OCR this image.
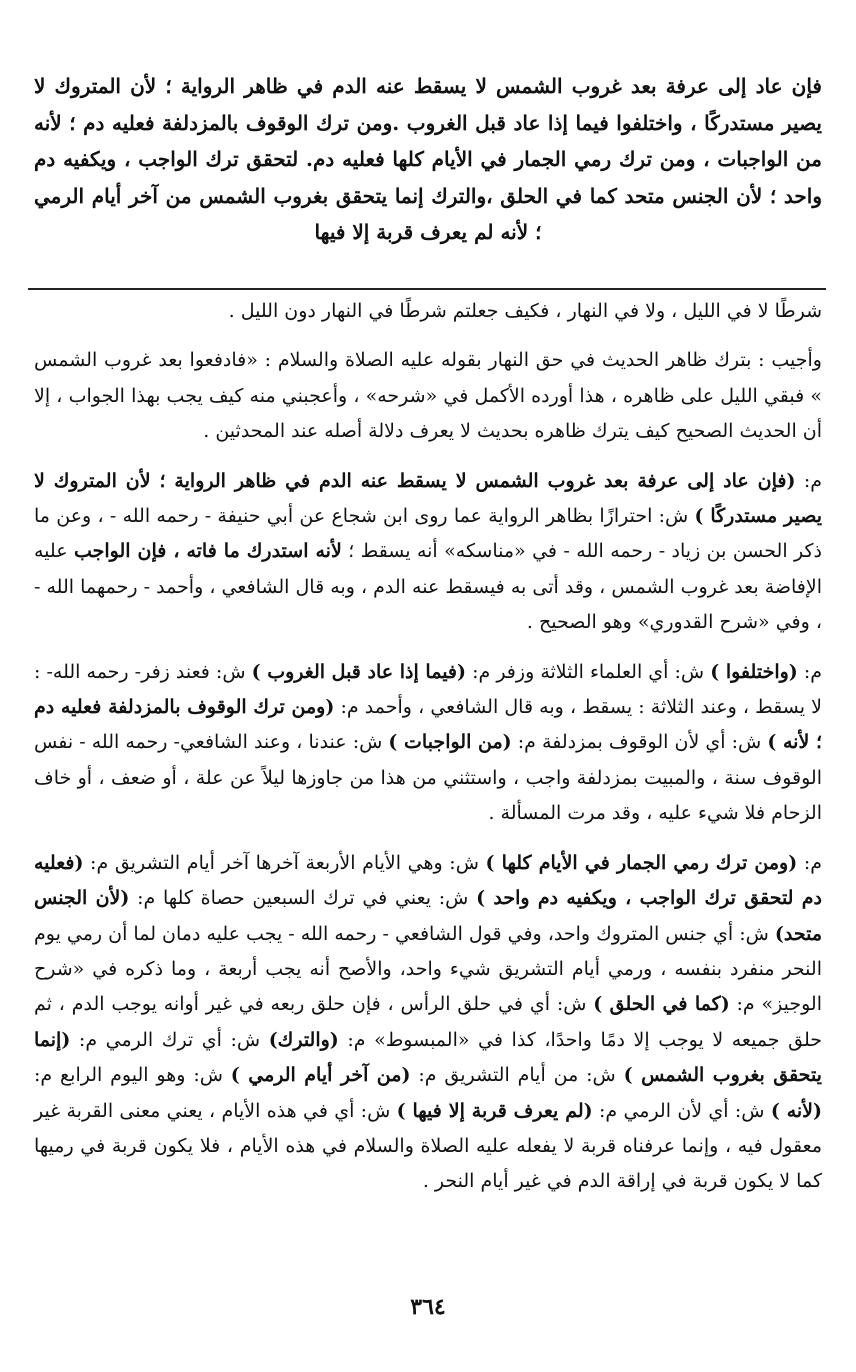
فإن عاد إلى عرفة بعد غروب الشمس لا يسقط عنه الدم في ظاهر الرواية ؛ لأن المتروك لا يصير مستدركًا ، واختلفوا فيما إذا عاد قبل الغروب .ومن ترك الوقوف بالمزدلفة فعليه دم ؛ لأنه من الواجبات ، ومن ترك رمي الجمار في الأيام كلها فعليه دم. لتحقق ترك الواجب ، ويكفيه دم واحد ؛ لأن الجنس متحد كما في الحلق ،والترك إنما يتحقق بغروب الشمس من آخر أيام الرمي ؛ لأنه لم يعرف قربة إلا فيها

شرطًا لا في الليل ، ولا في النهار ، فكيف جعلتم شرطًا في النهار دون الليل .

وأجيب : بترك ظاهر الحديث في حق النهار بقوله عليه الصلاة والسلام : «فادفعوا بعد غروب الشمس » فبقي الليل على ظاهره ، هذا أورده الأكمل في «شرحه» ، وأعجبني منه كيف يجب بهذا الجواب ، إلا أن الحديث الصحيح كيف يترك ظاهره بحديث لا يعرف دلالة أصله عند المحدثين .

م: (فإن عاد إلى عرفة بعد غروب الشمس لا يسقط عنه الدم في ظاهر الرواية ؛ لأن المتروك لا يصير مستدركًا ) ش: احترازًا بظاهر الرواية عما روى ابن شجاع عن أبي حنيفة - رحمه الله - ، وعن ما ذكر الحسن بن زياد - رحمه الله - في «مناسكه» أنه يسقط ؛ لأنه استدرك ما فاته ، فإن الواجب عليه الإفاضة بعد غروب الشمس ، وقد أتى به فيسقط عنه الدم ، وبه قال الشافعي ، وأحمد - رحمهما الله - ، وفي «شرح القدوري» وهو الصحيح .

م: (واختلفوا ) ش: أي العلماء الثلاثة وزفر م: (فيما إذا عاد قبل الغروب ) ش: فعند زفر- رحمه الله- : لا يسقط ، وعند الثلاثة : يسقط ، وبه قال الشافعي ، وأحمد م: (ومن ترك الوقوف بالمزدلفة فعليه دم ؛ لأنه ) ش: أي لأن الوقوف بمزدلفة م: (من الواجبات ) ش: عندنا ، وعند الشافعي- رحمه الله - نفس الوقوف سنة ، والمبيت بمزدلفة واجب ، واستثني من هذا من جاوزها ليلاً عن علة ، أو ضعف ، أو خاف الزحام فلا شيء عليه ، وقد مرت المسألة .

م: (ومن ترك رمي الجمار في الأيام كلها ) ش: وهي الأيام الأربعة آخرها آخر أيام التشريق م: (فعليه دم لتحقق ترك الواجب ، ويكفيه دم واحد ) ش: يعني في ترك السبعين حصاة كلها م: (لأن الجنس متحد) ش: أي جنس المتروك واحد، وفي قول الشافعي - رحمه الله - يجب عليه دمان لما أن رمي يوم النحر منفرد بنفسه ، ورمي أيام التشريق شيء واحد، والأصح أنه يجب أربعة ، وما ذكره في «شرح الوجيز» م: (كما في الحلق ) ش: أي في حلق الرأس ، فإن حلق ربعه في غير أوانه يوجب الدم ، ثم حلق جميعه لا يوجب إلا دمًا واحدًا، كذا في «المبسوط» م: (والترك) ش: أي ترك الرمي م: (إنما يتحقق بغروب الشمس ) ش: من أيام التشريق م: (من آخر أيام الرمي ) ش: وهو اليوم الرابع م: (لأنه ) ش: أي لأن الرمي م: (لم يعرف قربة إلا فيها ) ش: أي في هذه الأيام ، يعني معنى القربة غير معقول فيه ، وإنما عرفناه قربة لا يفعله عليه الصلاة والسلام في هذه الأيام ، فلا يكون قربة في رميها كما لا يكون قربة في إراقة الدم في غير أيام النحر .

٣٦٤
